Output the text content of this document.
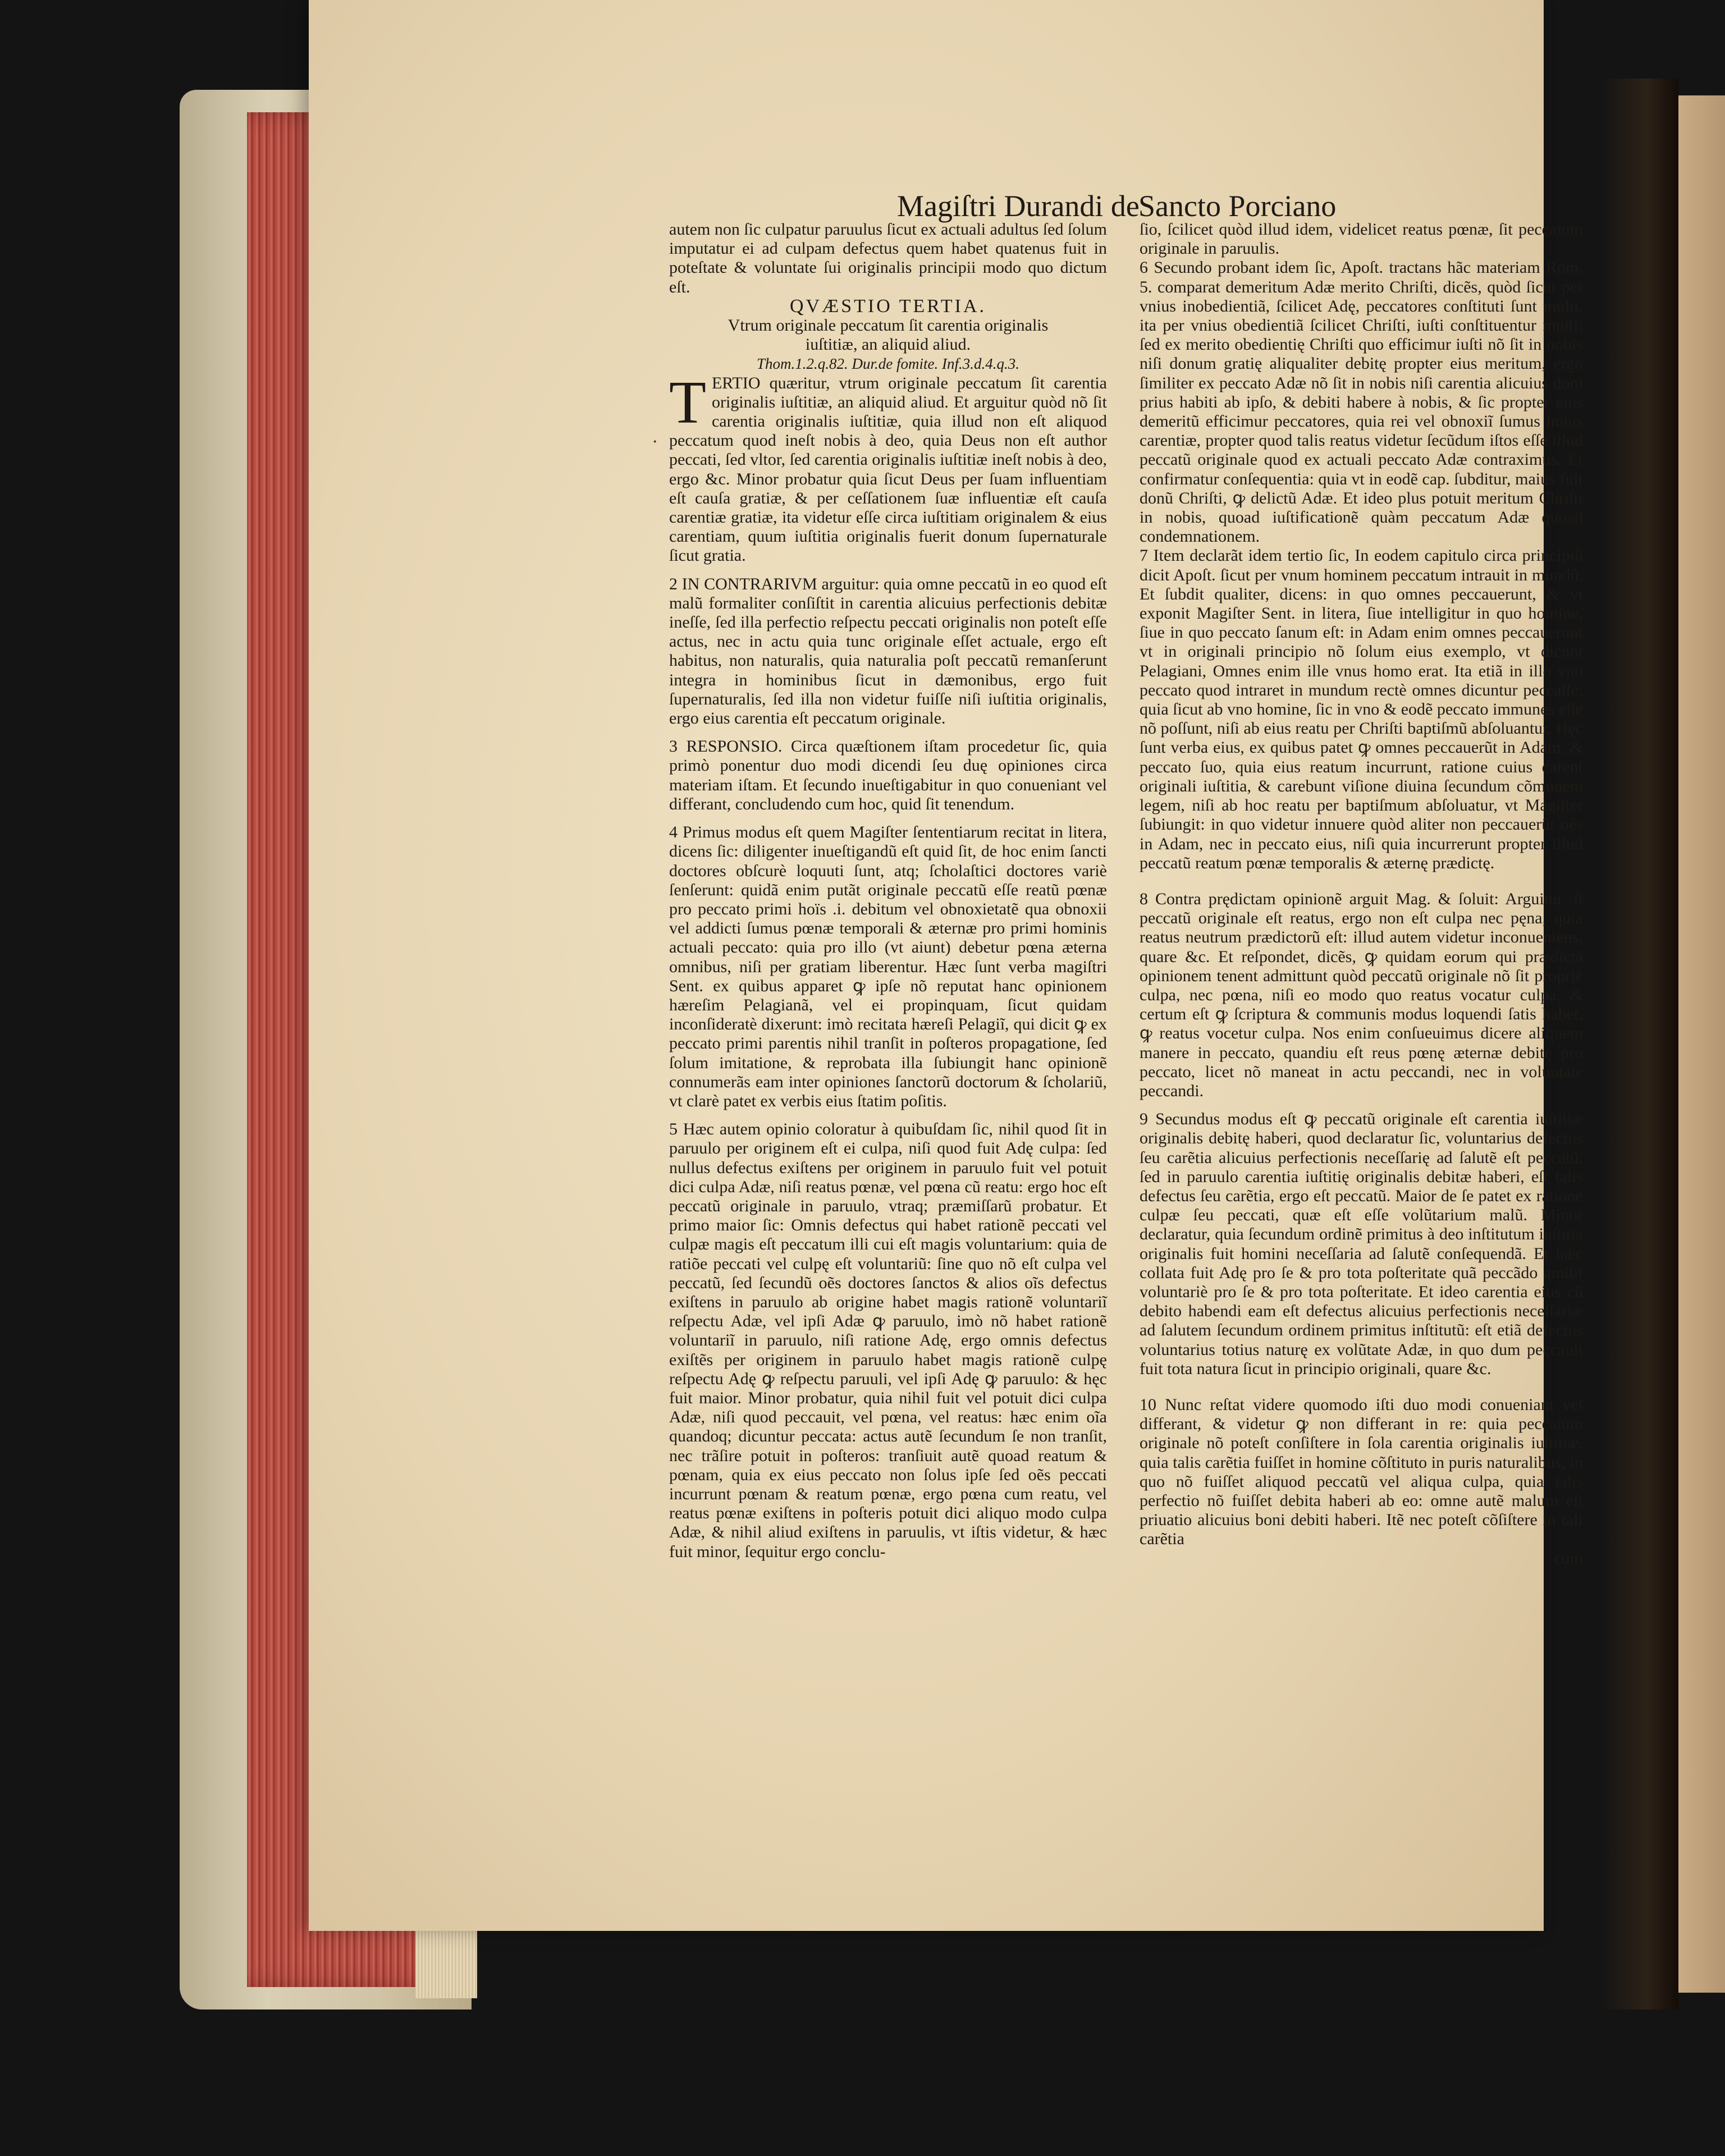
Magiſtri Durandi de
Sancto Porciano
·

autem non ſic culpatur paruulus ſicut ex actuali adultus ſed ſolum imputatur ei ad culpam defectus quem habet quatenus fuit in poteſtate & voluntate ſui originalis principii modo quo dictum eſt.

QVÆSTIO TERTIA.

Vtrum originale peccatum ſit carentia originalis iuſtitiæ, an aliquid aliud.

Thom.1.2.q.82. Dur.de fomite. Inf.3.d.4.q.3.

TERTIO quæritur, vtrum originale peccatum ſit carentia originalis iuſtitiæ, an aliquid aliud. Et arguitur quòd nõ ſit carentia originalis iuſtitiæ, quia illud non eſt aliquod peccatum quod ineſt nobis à deo, quia Deus non eſt author peccati, ſed vltor, ſed carentia originalis iuſtitiæ ineſt nobis à deo, ergo &c. Minor probatur quia ſicut Deus per ſuam influentiam eſt cauſa gratiæ, & per ceſſationem ſuæ influentiæ eſt cauſa carentiæ gratiæ, ita videtur eſſe circa iuſtitiam originalem & eius carentiam, quum iuſtitia originalis fuerit donum ſupernaturale ſicut gratia.

2 IN CONTRARIVM arguitur: quia omne peccatũ in eo quod eſt malũ formaliter conſiſtit in carentia alicuius perfectionis debitæ ineſſe, ſed illa perfectio reſpectu peccati originalis non poteſt eſſe actus, nec in actu quia tunc originale eſſet actuale, ergo eſt habitus, non naturalis, quia naturalia poſt peccatũ remanſerunt integra in hominibus ſicut in dæmonibus, ergo fuit ſupernaturalis, ſed illa non videtur fuiſſe niſi iuſtitia originalis, ergo eius carentia eſt peccatum originale.

3 RESPONSIO. Circa quæſtionem iſtam procedetur ſic, quia primò ponentur duo modi dicendi ſeu duę opiniones circa materiam iſtam. Et ſecundo inueſtigabitur in quo conueniant vel differant, concludendo cum hoc, quid ſit tenendum.

4 Primus modus eſt quem Magiſter ſententiarum recitat in litera, dicens ſic: diligenter inueſtigandũ eſt quid ſit, de hoc enim ſancti doctores obſcurè loquuti ſunt, atq; ſcholaſtici doctores variè ſenſerunt: quidã enim putãt originale peccatũ eſſe reatũ pœnæ pro peccato primi hoïs .i. debitum vel obnoxietatẽ qua obnoxii vel addicti ſumus pœnæ temporali & æternæ pro primi hominis actuali peccato: quia pro illo (vt aiunt) debetur pœna æterna omnibus, niſi per gratiam liberentur. Hæc ſunt verba magiſtri Sent. ex quibus apparet ꝙ ipſe nõ reputat hanc opinionem hæreſim Pelagianã, vel ei propinquam, ſicut quidam inconſideratè dixerunt: imò recitata hæreſi Pelagiĩ, qui dicit ꝙ ex peccato primi parentis nihil tranſit in poſteros propagatione, ſed ſolum imitatione, & reprobata illa ſubiungit hanc opinionẽ connumerãs eam inter opiniones ſanctorũ doctorum & ſcholariũ, vt clarè patet ex verbis eius ſtatim poſitis.

5 Hæc autem opinio coloratur à quibuſdam ſic, nihil quod ſit in paruulo per originem eſt ei culpa, niſi quod fuit Adę culpa: ſed nullus defectus exiſtens per originem in paruulo fuit vel potuit dici culpa Adæ, niſi reatus pœnæ, vel pœna cũ reatu: ergo hoc eſt peccatũ originale in paruulo, vtraq; præmiſſarũ probatur. Et primo maior ſic: Omnis defectus qui habet rationẽ peccati vel culpæ magis eſt peccatum illi cui eſt magis voluntarium: quia de ratiõe peccati vel culpę eſt voluntariũ: ſine quo nõ eſt culpa vel peccatũ, ſed ſecundũ oẽs doctores ſanctos & alios oĩs defectus exiſtens in paruulo ab origine habet magis rationẽ voluntariĩ reſpectu Adæ, vel ipſi Adæ ꝙ paruulo, imò nõ habet rationẽ voluntariĩ in paruulo, niſi ratione Adę, ergo omnis defectus exiſtẽs per originem in paruulo habet magis rationẽ culpę reſpectu Adę ꝙ reſpectu paruuli, vel ipſi Adę ꝙ paruulo: & hęc fuit maior. Minor probatur, quia nihil fuit vel potuit dici culpa Adæ, niſi quod peccauit, vel pœna, vel reatus: hæc enim oĩa quandoq; dicuntur peccata: actus autẽ ſecundum ſe non tranſit, nec trãſire potuit in poſteros: tranſiuit autẽ quoad reatum & pœnam, quia ex eius peccato non ſolus ipſe ſed oẽs peccati incurrunt pœnam & reatum pœnæ, ergo pœna cum reatu, vel reatus pœnæ exiſtens in poſteris potuit dici aliquo modo culpa Adæ, & nihil aliud exiſtens in paruulis, vt iſtis videtur, & hæc fuit minor, ſequitur ergo conclu-

ſio, ſcilicet quòd illud idem, videlicet reatus pœnæ, ſit peccatum originale in paruulis.

6 Secundo probant idem ſic, Apoſt. tractans hãc materiam Rom. 5. comparat demeritum Adæ merito Chriſti, dicẽs, quòd ſicut per vnius inobedientiã, ſcilicet Adę, peccatores conſtituti ſunt multi, ita per vnius obedientiã ſcilicet Chriſti, iuſti conſtituentur multi: ſed ex merito obedientię Chriſti quo efficimur iuſti nõ ſit in nobis niſi donum gratię aliqualiter debitę propter eius meritum, ergo ſimiliter ex peccato Adæ nõ ſit in nobis niſi carentia alicuius doni prius habiti ab ipſo, & debiti habere à nobis, & ſic propter eius demeritũ efficimur peccatores, quia rei vel obnoxiĩ ſumus huius carentiæ, propter quod talis reatus videtur ſecũdum iſtos eſſe illud peccatũ originale quod ex actuali peccato Adæ contraximus. Et confirmatur conſequentia: quia vt in eodẽ cap. ſubditur, maius fuit donũ Chriſti, ꝙ delictũ Adæ. Et ideo plus potuit meritum Chriſti in nobis, quoad iuſtificationẽ quàm peccatum Adæ quoad condemnationem.

7 Item declarãt idem tertio ſic, In eodem capitulo circa principiũ dicit Apoſt. ſicut per vnum hominem peccatum intrauit in mundũ. Et ſubdit qualiter, dicens: in quo omnes peccauerunt, & vt exponit Magiſter Sent. in litera, ſiue intelligitur in quo homine, ſiue in quo peccato ſanum eſt: in Adam enim omnes peccauerunt vt in originali principio nõ ſolum eius exemplo, vt dicunt Pelagiani, Omnes enim ille vnus homo erat. Ita etiã in illo vno peccato quod intraret in mundum rectè omnes dicuntur peccaſſe: quia ſicut ab vno homine, ſic in vno & eodẽ peccato immunes eſſe nõ poſſunt, niſi ab eius reatu per Chriſti baptiſmũ abſoluantur. Hęc ſunt verba eius, ex quibus patet ꝙ omnes peccauerũt in Adam, & peccato ſuo, quia eius reatum incurrunt, ratione cuius carent originali iuſtitia, & carebunt viſione diuina ſecundum cõmunem legem, niſi ab hoc reatu per baptiſmum abſoluatur, vt Magiſter ſubiungit: in quo videtur innuere quòd aliter non peccauerũt oẽs in Adam, nec in peccato eius, niſi quia incurrerunt propter illud peccatũ reatum pœnæ temporalis & æternę prædictę.

8 Contra prędictam opinionẽ arguit Mag. & ſoluit: Arguitur, ſi peccatũ originale eſt reatus, ergo non eſt culpa nec pęna, quia reatus neutrum prædictorũ eſt: illud autem videtur inconueniens, quare &c. Et reſpondet, dicẽs, ꝙ quidam eorum qui prædictã opinionem tenent admittunt quòd peccatũ originale nõ ſit propriè culpa, nec pœna, niſi eo modo quo reatus vocatur culpa, & certum eſt ꝙ ſcriptura & communis modus loquendi ſatis habet, ꝙ reatus vocetur culpa. Nos enim conſueuimus dicere aliquem manere in peccato, quandiu eſt reus pœnę æternæ debitę pro peccato, licet nõ maneat in actu peccandi, nec in voluntate peccandi.

9 Secundus modus eſt ꝙ peccatũ originale eſt carentia iuſtitiæ originalis debitę haberi, quod declaratur ſic, voluntarius defectus ſeu carẽtia alicuius perfectionis neceſſarię ad ſalutẽ eſt peccatũ, ſed in paruulo carentia iuſtitię originalis debitæ haberi, eſt talis defectus ſeu carẽtia, ergo eſt peccatũ. Maior de ſe patet ex ratione culpæ ſeu peccati, quæ eſt eſſe volũtarium malũ. Minor declaratur, quia ſecundum ordinẽ primitus à deo inſtitutum iuſtitia originalis fuit homini neceſſaria ad ſalutẽ conſequendã. Et hæc collata fuit Adę pro ſe & pro tota poſteritate quã peccãdo amiſit voluntariè pro ſe & pro tota poſteritate. Et ideo carentia eius cũ debito habendi eam eſt defectus alicuius perfectionis neceſſariæ ad ſalutem ſecundum ordinem primitus inſtitutũ: eſt etiã defectus voluntarius totius naturę ex volũtate Adæ, in quo dum peccauit fuit tota natura ſicut in principio originali, quare &c.

10 Nunc reſtat videre quomodo iſti duo modi conueniant vel differant, & videtur ꝙ non differant in re: quia peccatum originale nõ poteſt conſiſtere in ſola carentia originalis iuſtitiæ, quia talis carẽtia fuiſſet in homine cõſtituto in puris naturalibus, in quo nõ fuiſſet aliquod peccatũ vel aliqua culpa, quia talis perfectio nõ fuiſſet debita haberi ab eo: omne autẽ malum eſt priuatio alicuius boni debiti haberi. Itẽ nec poteſt cõſiſtere in tali carẽtia

cum
